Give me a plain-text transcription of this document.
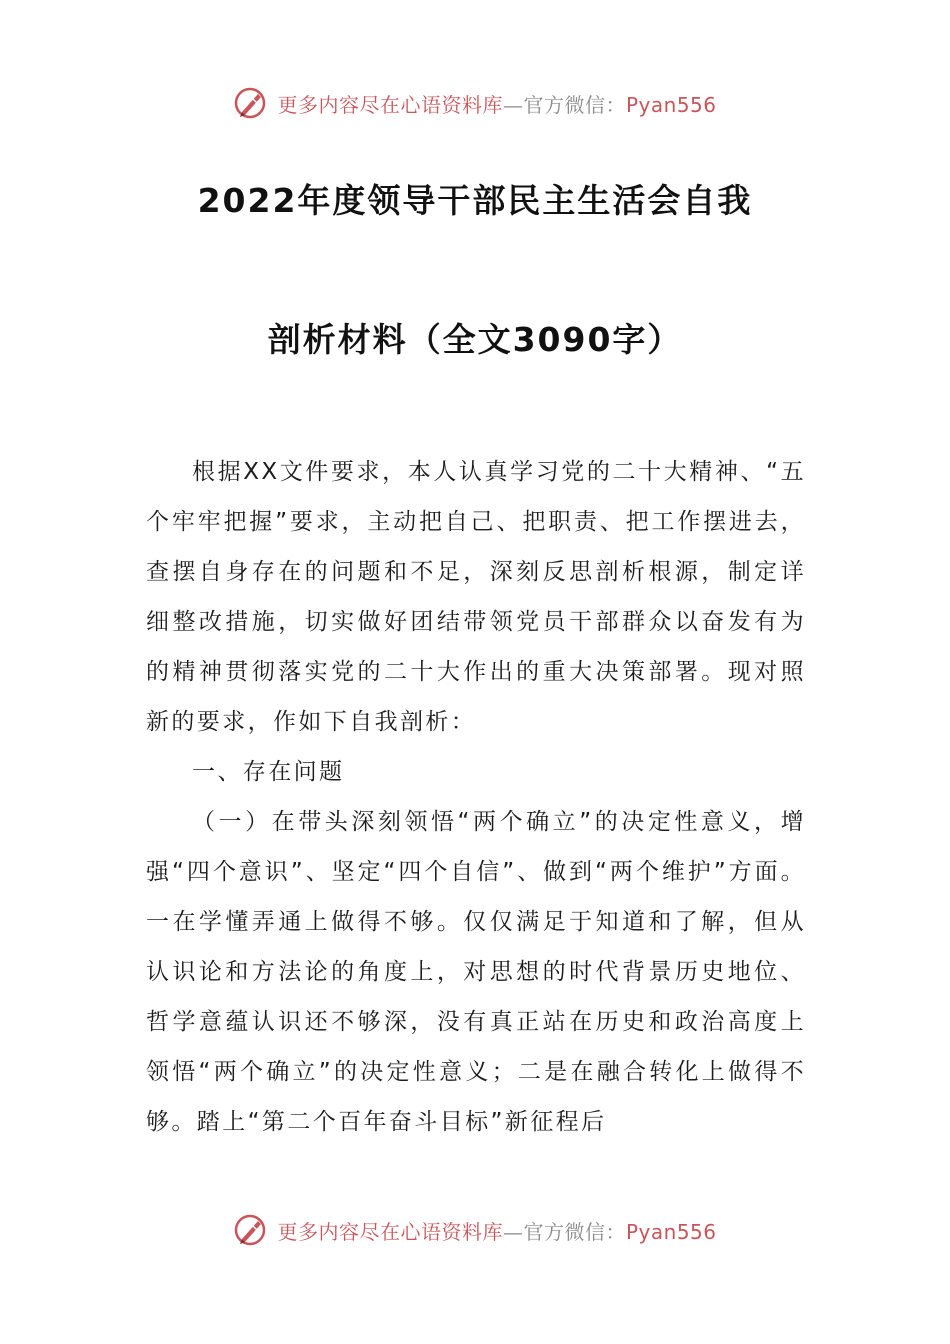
更多内容尽在心语资料库—官方微信：Pyan556
2022年度领导干部民主生活会自我
剖析材料（全文3090字）

根据XX文件要求，本人认真学习党的二十大精神、“五个牢牢把握”要求，主动把自己、把职责、把工作摆进去，查摆自身存在的问题和不足，深刻反思剖析根源，制定详细整改措施，切实做好团结带领党员干部群众以奋发有为的精神贯彻落实党的二十大作出的重大决策部署。现对照新的要求，作如下自我剖析：

一、存在问题

（一）在带头深刻领悟“两个确立”的决定性意义，增强“四个意识”、坚定“四个自信”、做到“两个维护”方面。一在学懂弄通上做得不够。仅仅满足于知道和了解，但从认识论和方法论的角度上，对思想的时代背景历史地位、哲学意蕴认识还不够深，没有真正站在历史和政治高度上领悟“两个确立”的决定性意义；二是在融合转化上做得不够。踏上“第二个百年奋斗目标”新征程后

更多内容尽在心语资料库—官方微信：Pyan556
